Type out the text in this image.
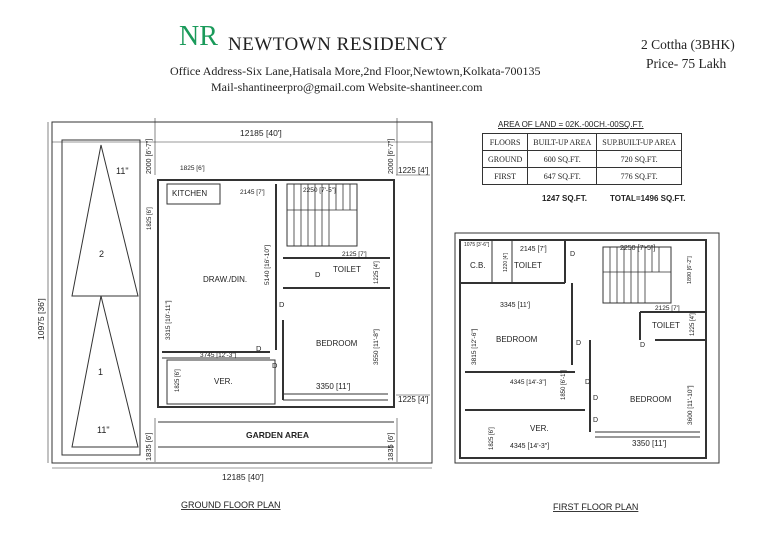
NR NEWTOWN RESIDENCY
Office Address-Six Lane,Hatisala More,2nd Floor,Newtown,Kolkata-700135
Mail-shantineerpro@gmail.com Website-shantineer.com
2 Cottha (3BHK)
Price- 75 Lakh
AREA OF LAND = 02K.-00CH.-00SQ.FT.
FLOORS	BUILT-UP AREA	SUP.BUILT-UP AREA
GROUND	600 SQ.FT.	720 SQ.FT.
FIRST	647 SQ.FT.	776 SQ.FT.
1247 SQ.FT.	TOTAL=1496 SQ.FT.
2
1
11"
11"
12185 [40']
12185 [40']
10975 [36']
2000 [6'-7"]	2000 [6'-7"] 1225 [4']
1225 [4']
1835 [6']	1835 [6']
1825 [6']
1825 [6']
2145 [7']	2250 [7'-5"]
2125 [7']
1225 [4']
5140 [16'-10"]
3315 [10'-11"]
3550 [11'-8"]
3745 [12'-3"]
1825 [6']	3350 [11']
KITCHEN
DRAW./DIN.
TOILET
BEDROOM
VER.
GARDEN AREA
D
D
D
D
GROUND FLOOR PLAN
1075 [3'-6"]
1220 [4']
2145 [7']	2250 [7'-5"]
1890 [6'-2"]
3345 [11']
3815 [12'-6"]
2125 [7']
1225 [4']
4345 [14'-3"] 1850 [6'-1"]
3600 [11'-10"]
1825 [6'] 4345 [14'-3"]	3350 [11']
C.B.	TOILET
TOILET
BEDROOM
BEDROOM
VER.
D
D	D
D
D
D
FIRST FLOOR PLAN
